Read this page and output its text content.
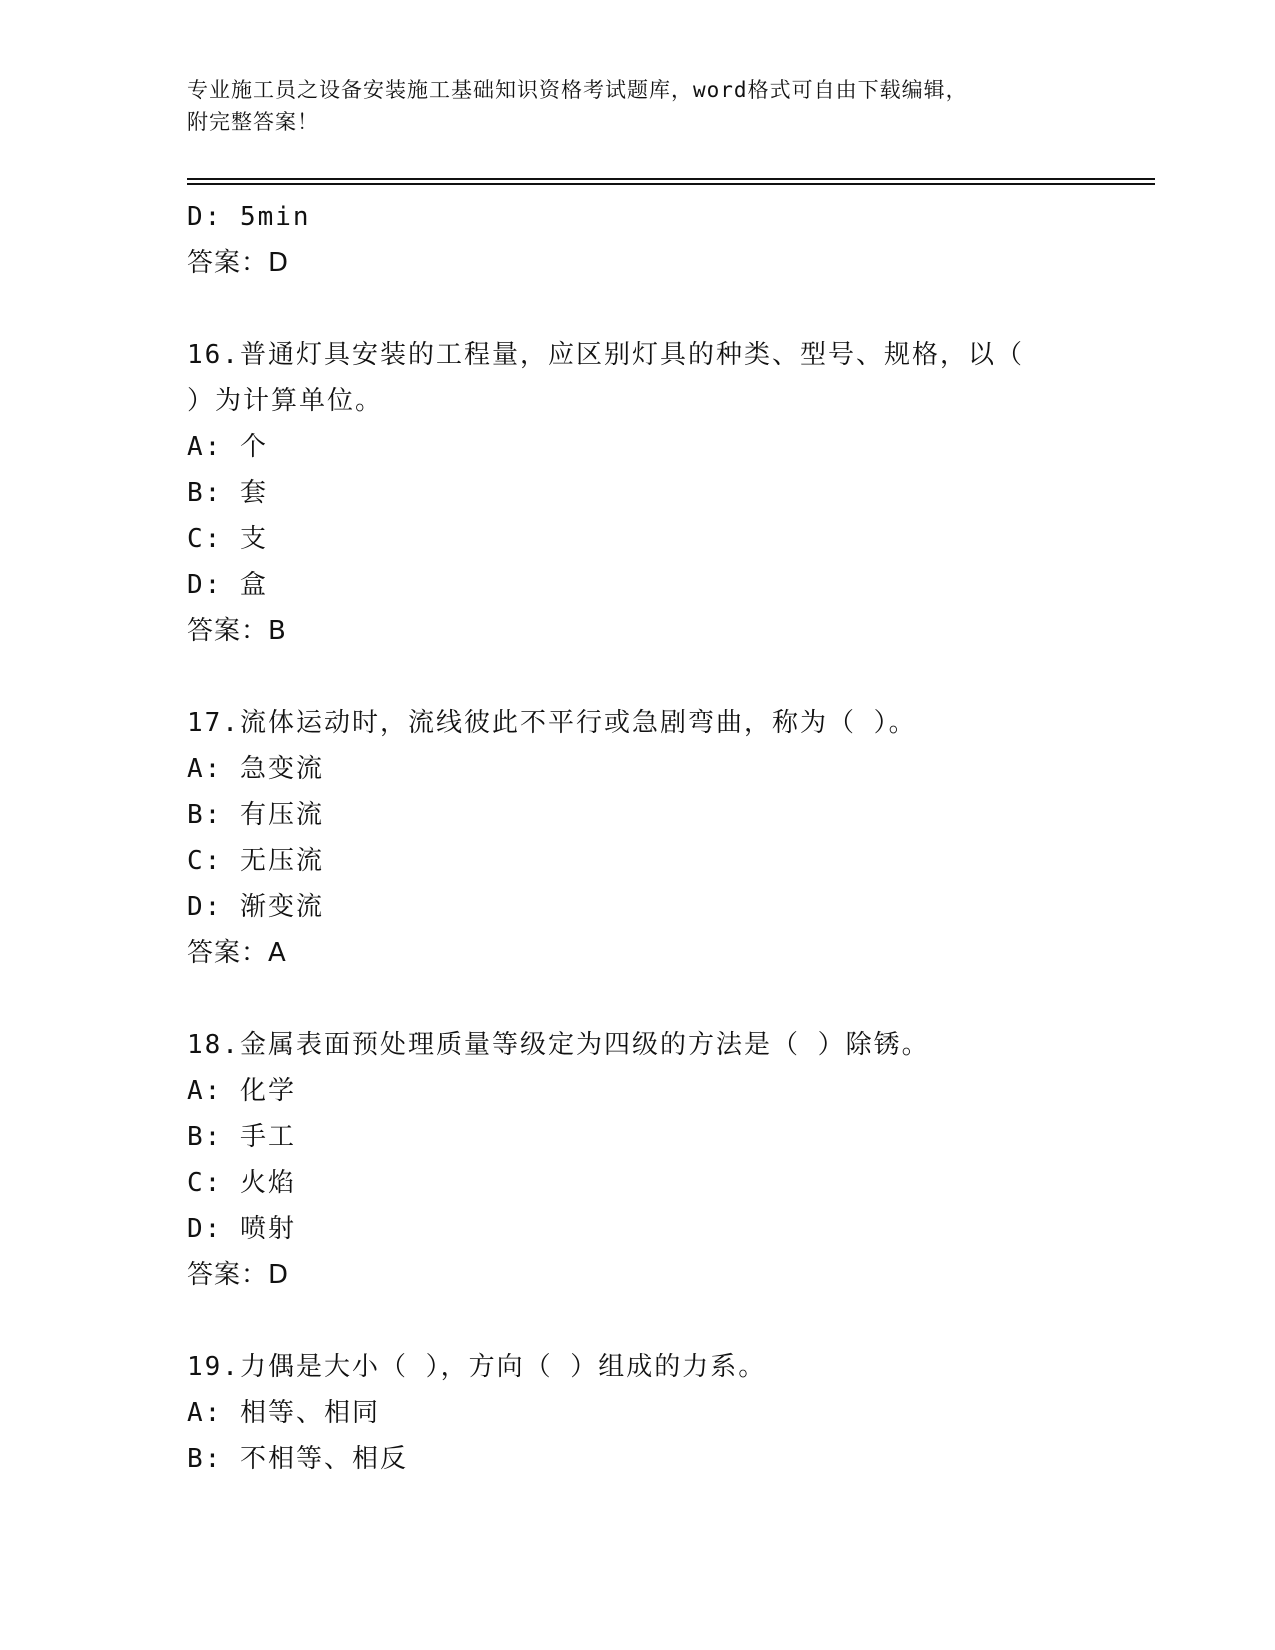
专业施工员之设备安装施工基础知识资格考试题库，word格式可自由下载编辑，
附完整答案！
D: 5min
答案：D
16.普通灯具安装的工程量，应区别灯具的种类、型号、规格，以（
）为计算单位。
A: 个
B: 套
C: 支
D: 盒
答案：B
17.流体运动时，流线彼此不平行或急剧弯曲，称为（ ）。
A: 急变流
B: 有压流
C: 无压流
D: 渐变流
答案：A
18.金属表面预处理质量等级定为四级的方法是（ ）除锈。
A: 化学
B: 手工
C: 火焰
D: 喷射
答案：D
19.力偶是大小（ ），方向（ ）组成的力系。
A: 相等、相同
B: 不相等、相反
